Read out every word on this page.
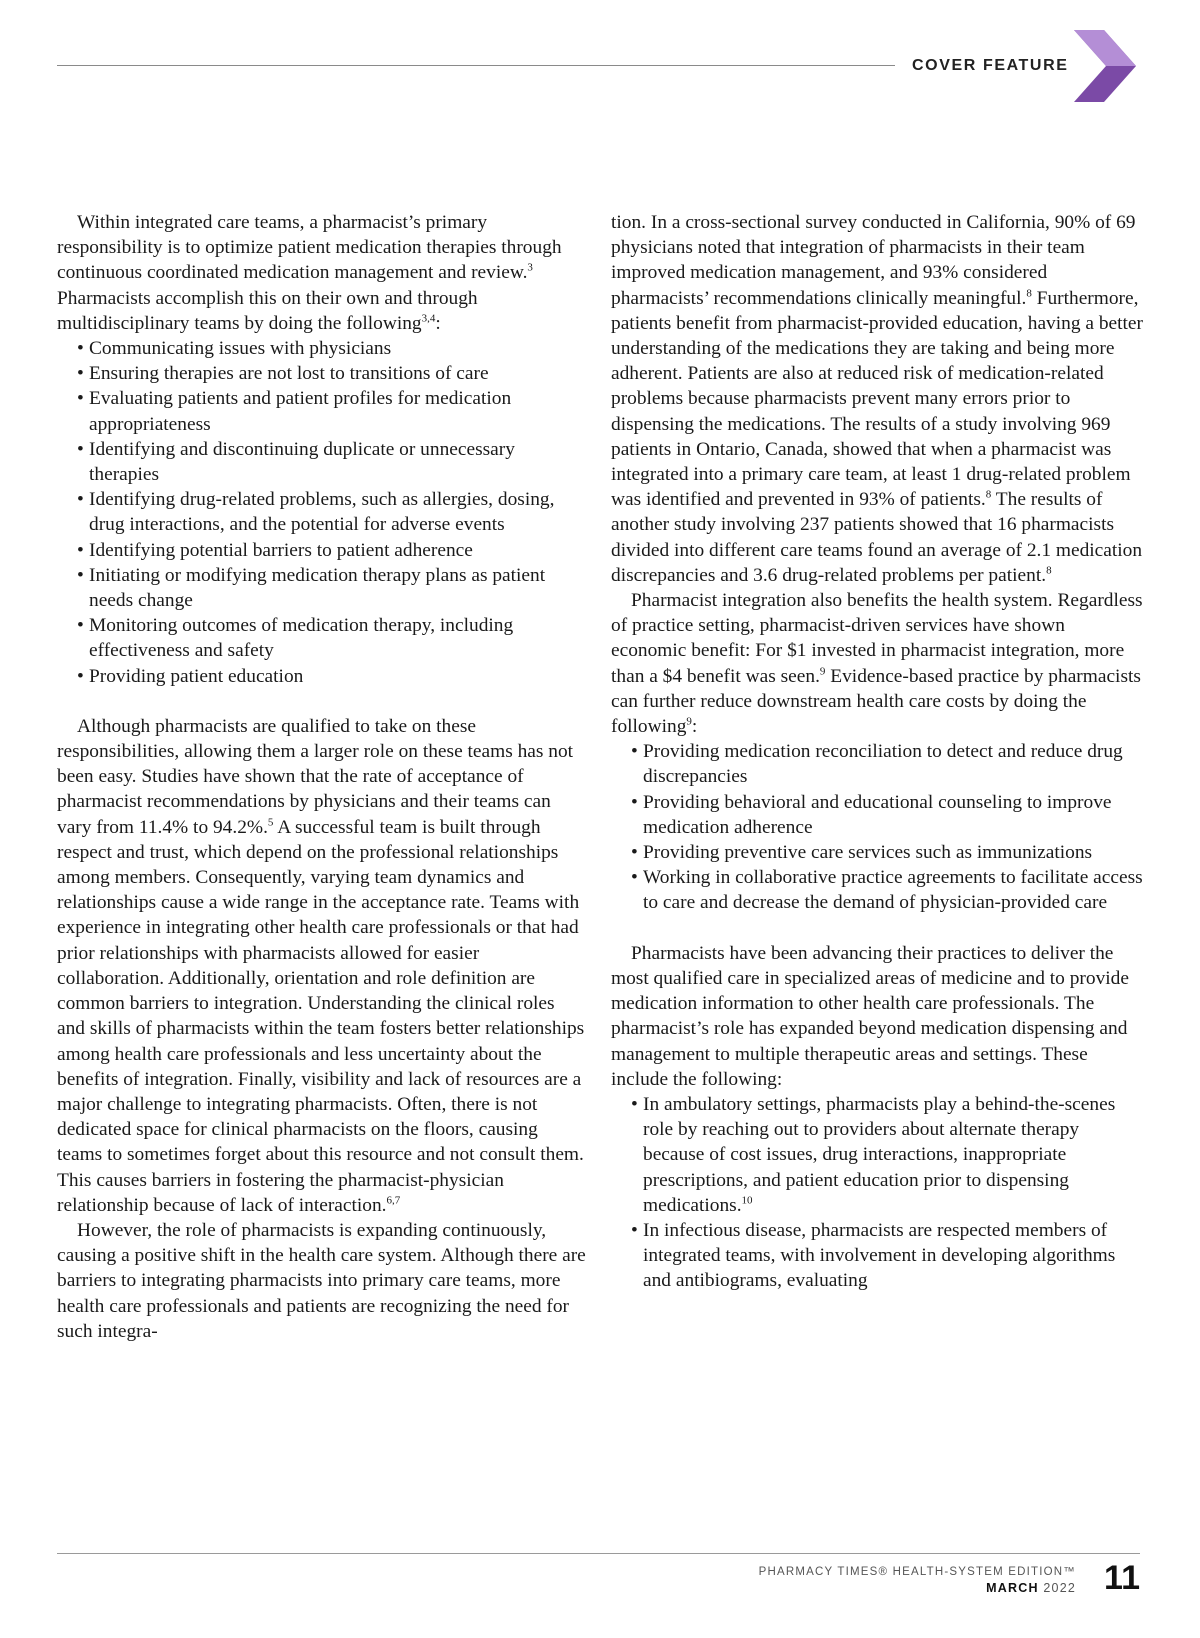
COVER FEATURE

Within integrated care teams, a pharmacist’s primary responsibility is to optimize patient medication therapies through continuous coordinated medication management and review.$^3$ Pharmacists accomplish this on their own and through multidisciplinary teams by doing the following$^{3,4}$:

• Communicating issues with physicians
• Ensuring therapies are not lost to transitions of care
• Evaluating patients and patient profiles for medication appropriateness
• Identifying and discontinuing duplicate or unnecessary therapies
• Identifying drug-related problems, such as allergies, dosing, drug interactions, and the potential for adverse events
• Identifying potential barriers to patient adherence
• Initiating or modifying medication therapy plans as patient needs change
• Monitoring outcomes of medication therapy, including effectiveness and safety
• Providing patient education

Although pharmacists are qualified to take on these responsibilities, allowing them a larger role on these teams has not been easy. Studies have shown that the rate of acceptance of pharmacist recommendations by physicians and their teams can vary from 11.4% to 94.2%.$^5$ A successful team is built through respect and trust, which depend on the professional relationships among members. Consequently, varying team dynamics and relationships cause a wide range in the acceptance rate. Teams with experience in integrating other health care professionals or that had prior relationships with pharmacists allowed for easier collaboration. Additionally, orientation and role definition are common barriers to integration. Understanding the clinical roles and skills of pharmacists within the team fosters better relationships among health care professionals and less uncertainty about the benefits of integration. Finally, visibility and lack of resources are a major challenge to integrating pharmacists. Often, there is not dedicated space for clinical pharmacists on the floors, causing teams to sometimes forget about this resource and not consult them. This causes barriers in fostering the pharmacist-physician relationship because of lack of interaction.$^{6,7}$

However, the role of pharmacists is expanding continuously, causing a positive shift in the health care system. Although there are barriers to integrating pharmacists into primary care teams, more health care professionals and patients are recognizing the need for such integra-

tion. In a cross-sectional survey conducted in California, 90% of 69 physicians noted that integration of pharmacists in their team improved medication management, and 93% considered pharmacists’ recommendations clinically meaningful.$^8$ Furthermore, patients benefit from pharmacist-provided education, having a better understanding of the medications they are taking and being more adherent. Patients are also at reduced risk of medication-related problems because pharmacists prevent many errors prior to dispensing the medications. The results of a study involving 969 patients in Ontario, Canada, showed that when a pharmacist was integrated into a primary care team, at least 1 drug-related problem was identified and prevented in 93% of patients.$^8$ The results of another study involving 237 patients showed that 16 pharmacists divided into different care teams found an average of 2.1 medication discrepancies and 3.6 drug-related problems per patient.$^8$

Pharmacist integration also benefits the health system. Regardless of practice setting, pharmacist-driven services have shown economic benefit: For $1 invested in pharmacist integration, more than a $4 benefit was seen.$^9$ Evidence-based practice by pharmacists can further reduce downstream health care costs by doing the following$^9$:

• Providing medication reconciliation to detect and reduce drug discrepancies
• Providing behavioral and educational counseling to improve medication adherence
• Providing preventive care services such as immunizations
• Working in collaborative practice agreements to facilitate access to care and decrease the demand of physician-provided care

Pharmacists have been advancing their practices to deliver the most qualified care in specialized areas of medicine and to provide medication information to other health care professionals. The pharmacist’s role has expanded beyond medication dispensing and management to multiple therapeutic areas and settings. These include the following:

• In ambulatory settings, pharmacists play a behind-the-scenes role by reaching out to providers about alternate therapy because of cost issues, drug interactions, inappropriate prescriptions, and patient education prior to dispensing medications.$^{10}$
• In infectious disease, pharmacists are respected members of integrated teams, with involvement in developing algorithms and antibiograms, evaluating
PHARMACY TIMES® HEALTH-SYSTEM EDITION™
MARCH 2022 11
